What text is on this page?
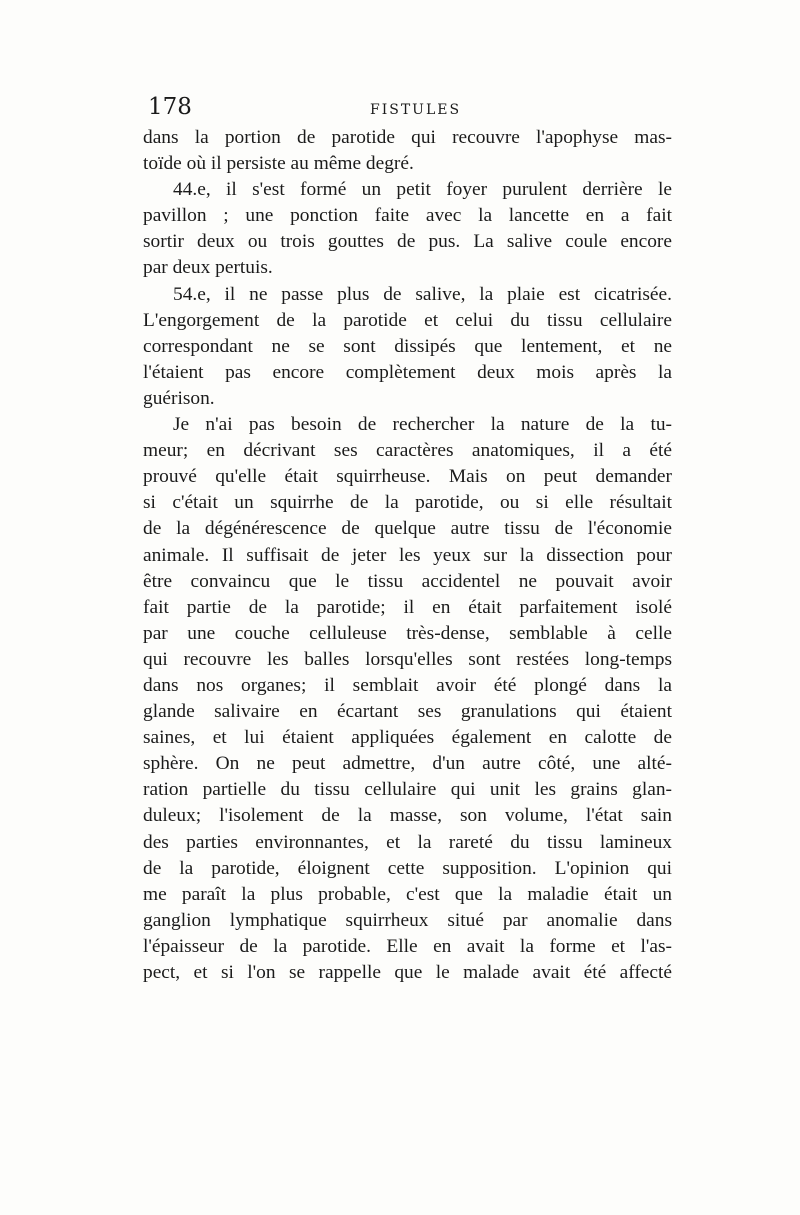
178	FISTULES
dans la portion de parotide qui recouvre l'apophyse mas-
toïde où il persiste au même degré.
44.e, il s'est formé un petit foyer purulent derrière le
pavillon ; une ponction faite avec la lancette en a fait
sortir deux ou trois gouttes de pus. La salive coule encore
par deux pertuis.
54.e, il ne passe plus de salive, la plaie est cicatrisée.
L'engorgement de la parotide et celui du tissu cellulaire
correspondant ne se sont dissipés que lentement, et ne
l'étaient pas encore complètement deux mois après la
guérison.
Je n'ai pas besoin de rechercher la nature de la tu-
meur; en décrivant ses caractères anatomiques, il a été
prouvé qu'elle était squirrheuse. Mais on peut demander
si c'était un squirrhe de la parotide, ou si elle résultait
de la dégénérescence de quelque autre tissu de l'économie
animale. Il suffisait de jeter les yeux sur la dissection pour
être convaincu que le tissu accidentel ne pouvait avoir
fait partie de la parotide; il en était parfaitement isolé
par une couche celluleuse très-dense, semblable à celle
qui recouvre les balles lorsqu'elles sont restées long-temps
dans nos organes; il semblait avoir été plongé dans la
glande salivaire en écartant ses granulations qui étaient
saines, et lui étaient appliquées également en calotte de
sphère. On ne peut admettre, d'un autre côté, une alté-
ration partielle du tissu cellulaire qui unit les grains glan-
duleux; l'isolement de la masse, son volume, l'état sain
des parties environnantes, et la rareté du tissu lamineux
de la parotide, éloignent cette supposition. L'opinion qui
me paraît la plus probable, c'est que la maladie était un
ganglion lymphatique squirrheux situé par anomalie dans
l'épaisseur de la parotide. Elle en avait la forme et l'as-
pect, et si l'on se rappelle que le malade avait été affecté
